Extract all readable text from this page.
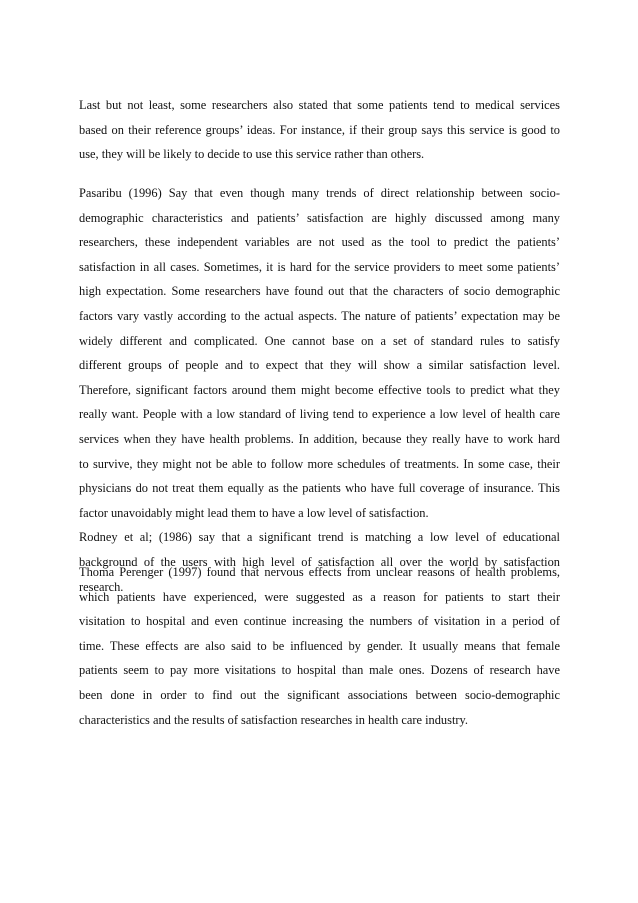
Last but not least, some researchers also stated that some patients tend to medical services
based on their reference groups’ ideas. For instance, if their group says this service is good to
use, they will be likely to decide to use this service rather than others.
Pasaribu (1996) Say that even though many trends of direct relationship between socio-
demographic characteristics and patients’ satisfaction are highly discussed among many
researchers, these independent variables are not used as the tool to predict the patients’
satisfaction in all cases. Sometimes, it is hard for the service providers to meet some patients’
high expectation. Some researchers have found out that the characters of socio demographic
factors vary vastly according to the actual aspects. The nature of patients’ expectation may be
widely different and complicated. One cannot base on a set of standard rules to satisfy
different groups of people and to expect that they will show a similar satisfaction level.
Therefore, significant factors around them might become effective tools to predict what they
really want. People with a low standard of living tend to experience a low level of health care
services when they have health problems. In addition, because they really have to work hard
to survive, they might not be able to follow more schedules of treatments. In some case, their
physicians do not treat them equally as the patients who have full coverage of insurance. This
factor unavoidably might lead them to have a low level of satisfaction.
Rodney et al; (1986) say that a significant trend is matching a low level of educational
background of the users with high level of satisfaction all over the world by satisfaction
research.
Thoma Perenger (1997) found that nervous effects from unclear reasons of health problems,
which patients have experienced, were suggested as a reason for patients to start their
visitation to hospital and even continue increasing the numbers of visitation in a period of
time. These effects are also said to be influenced by gender. It usually means that female
patients seem to pay more visitations to hospital than male ones. Dozens of research have
been done in order to find out the significant associations between socio-demographic
characteristics and the results of satisfaction researches in health care industry.
